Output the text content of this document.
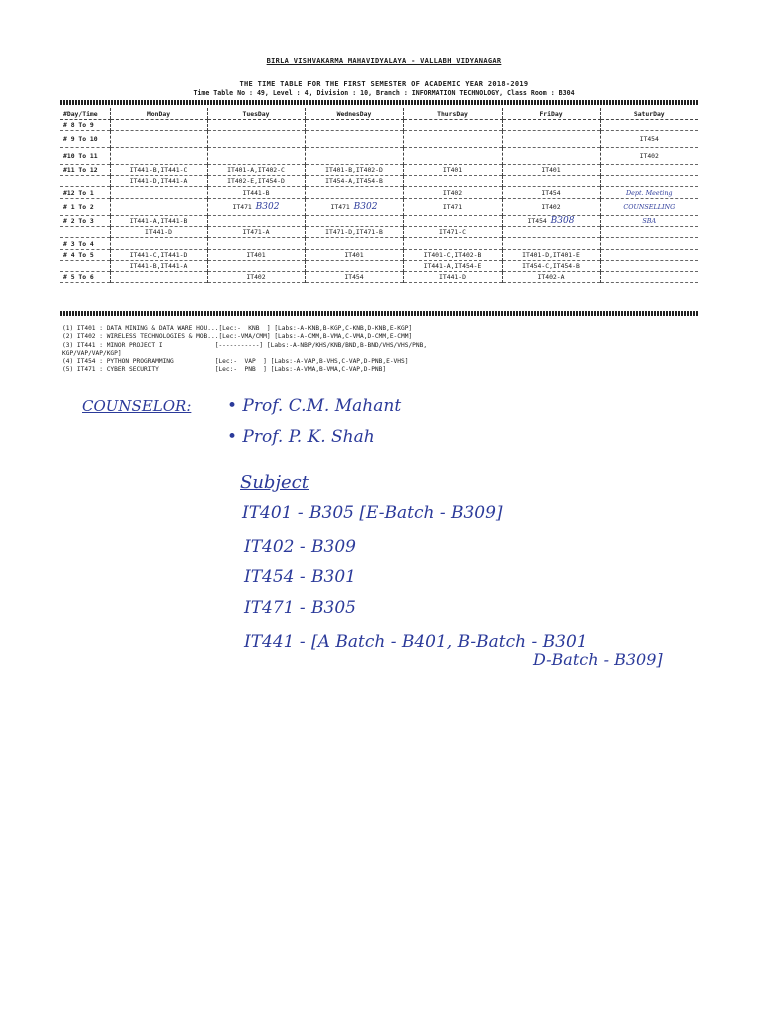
BIRLA VISHVAKARMA MAHAVIDYALAYA - VALLABH VIDYANAGAR
THE TIME TABLE FOR THE FIRST SEMESTER OF ACADEMIC YEAR 2018-2019
Time Table No : 49, Level : 4, Division : 10, Branch : INFORMATION TECHNOLOGY, Class Room : B304
#Day/Time	MonDay	TuesDay	WednesDay	ThursDay	FriDay	SaturDay
# 8 To 9						
# 9 To 10						IT454
#10 To 11						IT402
#11 To 12	IT441-B,IT441-C	IT401-A,IT402-C	IT401-B,IT402-D	IT401	IT401	
	IT441-D,IT441-A	IT402-E,IT454-D	IT454-A,IT454-B			
#12 To 1		IT441-B		IT402	IT454	Dept. Meeting
# 1 To 2		IT471 B302	IT471 B302	IT471	IT402	COUNSELLING
# 2 To 3	IT441-A,IT441-B				IT454 B308	SBA
	IT441-D	IT471-A	IT471-D,IT471-B	IT471-C		
# 3 To 4						
# 4 To 5	IT441-C,IT441-D	IT401	IT401	IT401-C,IT402-B	IT401-D,IT401-E	
	IT441-B,IT441-A			IT441-A,IT454-E	IT454-C,IT454-B	
# 5 To 6		IT402	IT454	IT441-D	IT402-A	
(1) IT401 : DATA MINING & DATA WARE HOU...[Lec:-  KNB  ] [Labs:-A-KNB,B-KGP,C-KNB,D-KNB,E-KGP]
(2) IT402 : WIRELESS TECHNOLOGIES & MOB...[Lec:-VMA/CMM] [Labs:-A-CMM,B-VMA,C-VMA,D-CMM,E-CMM]
(3) IT441 : MINOR PROJECT I              [-----------] [Labs:-A-NBP/KHS/KNB/BND,B-BND/VHS/VHS/PNB,
KGP/VAP/VAP/KGP]
(4) IT454 : PYTHON PROGRAMMING           [Lec:-  VAP  ] [Labs:-A-VAP,B-VHS,C-VAP,D-PNB,E-VHS]
(5) IT471 : CYBER SECURITY               [Lec:-  PNB  ] [Labs:-A-VMA,B-VMA,C-VAP,D-PNB]
COUNSELOR: • Prof. C.M. Mahant
• Prof. P. K. Shah
Subject
IT401 - B305 [E-Batch - B309]
IT402 - B309
IT454 - B301
IT471 - B305
IT441 - [A Batch - B401, B-Batch - B301
D-Batch - B309]
